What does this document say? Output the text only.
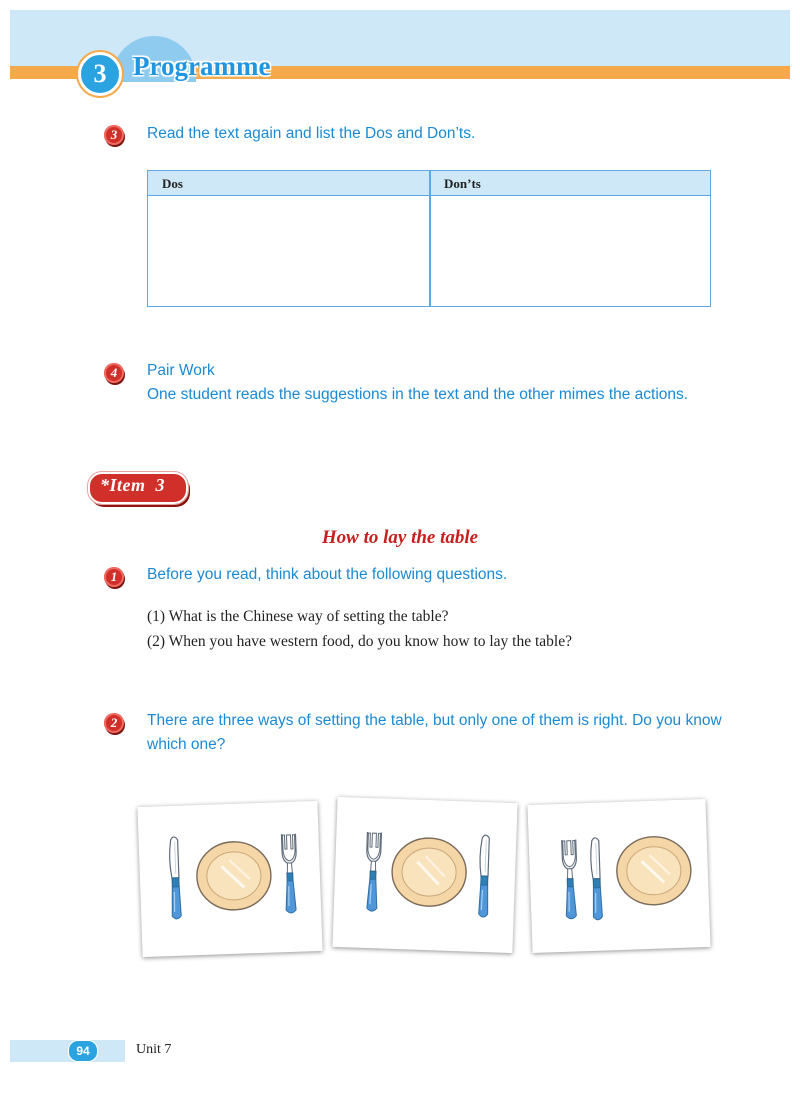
3 Programme
3	Read the text again and list the Dos and Don’ts.
Dos	Don’ts
4	Pair Work
One student reads the suggestions in the text and the other mimes the actions.
*Item  3
How to lay the table
1	Before you read, think about the following questions.
(1) What is the Chinese way of setting the table?
(2) When you have western food, do you know how to lay the table?
2	There are three ways of setting the table, but only one of them is right. Do you know which one?
94	Unit 7
